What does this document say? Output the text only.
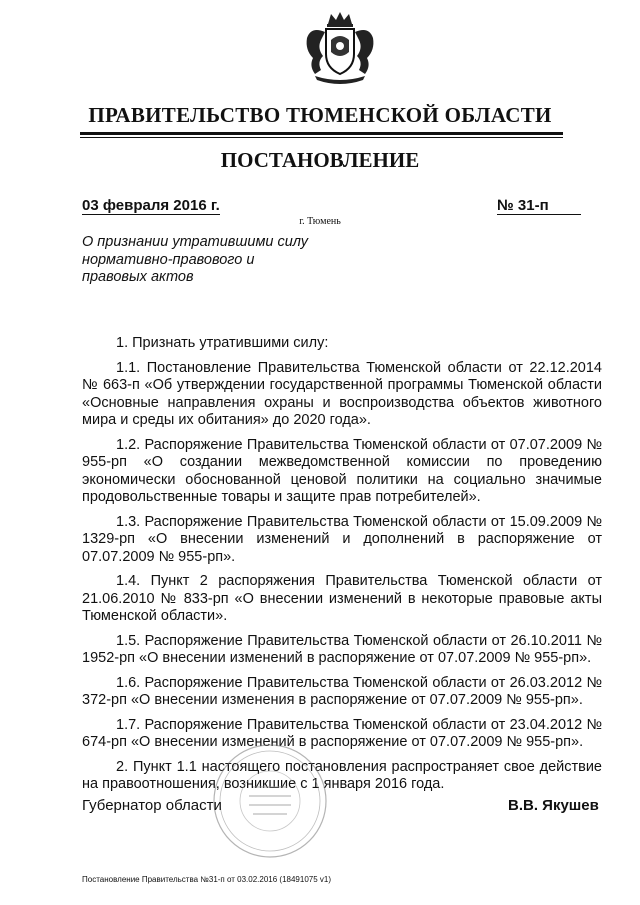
ПРАВИТЕЛЬСТВО ТЮМЕНСКОЙ ОБЛАСТИ
ПОСТАНОВЛЕНИЕ
03 февраля 2016 г.	№ 31-п
г. Тюмень
О признании утратившими силу
нормативно-правового и
правовых актов

1. Признать утратившими силу:

1.1. Постановление Правительства Тюменской области от 22.12.2014 № 663-п «Об утверждении государственной программы Тюменской области «Основные направления охраны и воспроизводства объектов животного мира и среды их обитания» до 2020 года».

1.2. Распоряжение Правительства Тюменской области от 07.07.2009 № 955-рп «О создании межведомственной комиссии по проведению экономически обоснованной ценовой политики на социально значимые продовольственные товары и защите прав потребителей».

1.3. Распоряжение Правительства Тюменской области от 15.09.2009 № 1329-рп «О внесении изменений и дополнений в распоряжение от 07.07.2009 № 955-рп».

1.4. Пункт 2 распоряжения Правительства Тюменской области от 21.06.2010 № 833-рп «О внесении изменений в некоторые правовые акты Тюменской области».

1.5. Распоряжение Правительства Тюменской области от 26.10.2011 № 1952-рп «О внесении изменений в распоряжение от 07.07.2009 № 955-рп».

1.6. Распоряжение Правительства Тюменской области от 26.03.2012 № 372-рп «О внесении изменения в распоряжение от 07.07.2009 № 955-рп».

1.7. Распоряжение Правительства Тюменской области от 23.04.2012 № 674-рп «О внесении изменений в распоряжение от 07.07.2009 № 955-рп».

2. Пункт 1.1 настоящего постановления распространяет свое действие на правоотношения, возникшие с 1 января 2016 года.

Губернатор области	В.В. Якушев
Постановление Правительства №31-п от 03.02.2016 (18491075 v1)
